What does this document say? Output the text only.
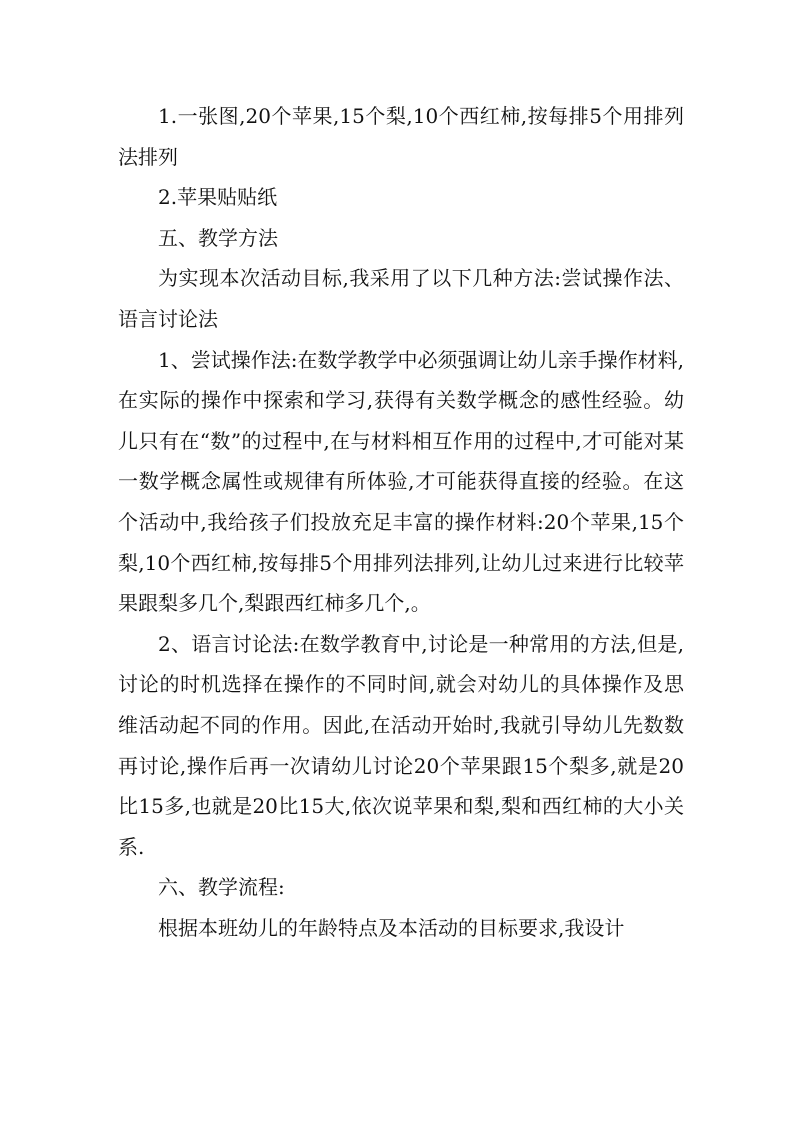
1.一张图,20个苹果,15个梨,10个西红柿,按每排5个用排列法排列

2.苹果贴贴纸

五、教学方法

为实现本次活动目标,我采用了以下几种方法:尝试操作法、语言讨论法

1、尝试操作法:在数学教学中必须强调让幼儿亲手操作材料,在实际的操作中探索和学习,获得有关数学概念的感性经验。幼儿只有在“数”的过程中,在与材料相互作用的过程中,才可能对某一数学概念属性或规律有所体验,才可能获得直接的经验。在这个活动中,我给孩子们投放充足丰富的操作材料:20个苹果,15个梨,10个西红柿,按每排5个用排列法排列,让幼儿过来进行比较苹果跟梨多几个,梨跟西红柿多几个,。

2、语言讨论法:在数学教育中,讨论是一种常用的方法,但是,讨论的时机选择在操作的不同时间,就会对幼儿的具体操作及思维活动起不同的作用。因此,在活动开始时,我就引导幼儿先数数再讨论,操作后再一次请幼儿讨论20个苹果跟15个梨多,就是20比15多,也就是20比15大,依次说苹果和梨,梨和西红柿的大小关系.

六、教学流程:

根据本班幼儿的年龄特点及本活动的目标要求,我设计
